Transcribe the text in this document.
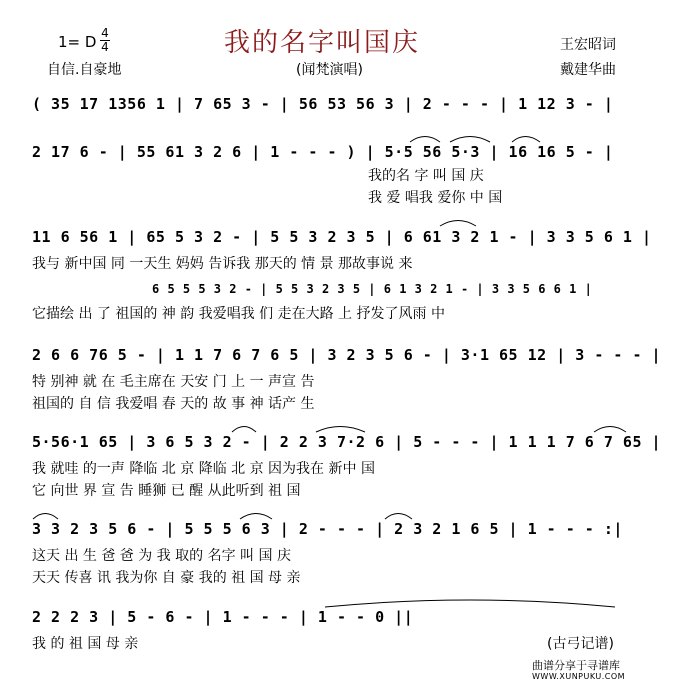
我的名字叫国庆
1= D 4
4
自信.自豪地	(闻梵演唱)
王宏昭词
戴建华曲
( 35 17 1356 1 | 7 65 3 - | 56 53 56 3 | 2 - - - | 1 12 3 - |
2 17 6 - | 55 61 3 2 6 | 1 - - - ) | 5·5 56 5·3 | 16 16 5 - |
我的名 字 叫 国 庆
我 爱 唱我 爱你 中 国
11 6 56 1 | 65 5 3 2 - | 5 5 3 2 3 5 | 6 61 3 2 1 - | 3 3 5 6 1 |
我与 新中国 同 一天生 妈妈 告诉我 那天的 情 景 那故事说 来
6 5 5 5 3 2 - | 5 5 3 2 3 5 | 6 1 3 2 1 - | 3 3 5 6 6 1 |
它描绘 出 了 祖国的 神 韵 我爱唱我 们 走在大路 上 抒发了风雨 中
2 6 6 76 5 - | 1 1 7 6 7 6 5 | 3 2 3 5 6 - | 3·1 65 12 | 3 - - - |
特 别神 就 在 毛主席在 天安 门 上 一 声宣 告
祖国的 自 信 我爱唱 春 天的 故 事 神 话产 生
5·56·1 65 | 3 6 5 3 2 - | 2 2 3 7·2 6 | 5 - - - | 1 1 1 7 6 7 65 |
我 就哇 的一声 降临 北 京 降临 北 京 因为我在 新中 国
它 向世 界 宣 告 睡狮 已 醒 从此听到 祖 国
3 3 2 3 5 6 - | 5 5 5 6 3 | 2 - - - | 2 3 2 1 6 5 | 1 - - - :|
这天 出 生 爸 爸 为 我 取的 名字 叫 国 庆
天天 传喜 讯 我为你 自 豪 我的 祖 国 母 亲
2 2 2 3 | 5 - 6 - | 1 - - - | 1 - - 0 ||
我 的 祖 国 母 亲	(古弓记谱)
曲谱分享于寻谱库
WWW.XUNPUKU.COM
